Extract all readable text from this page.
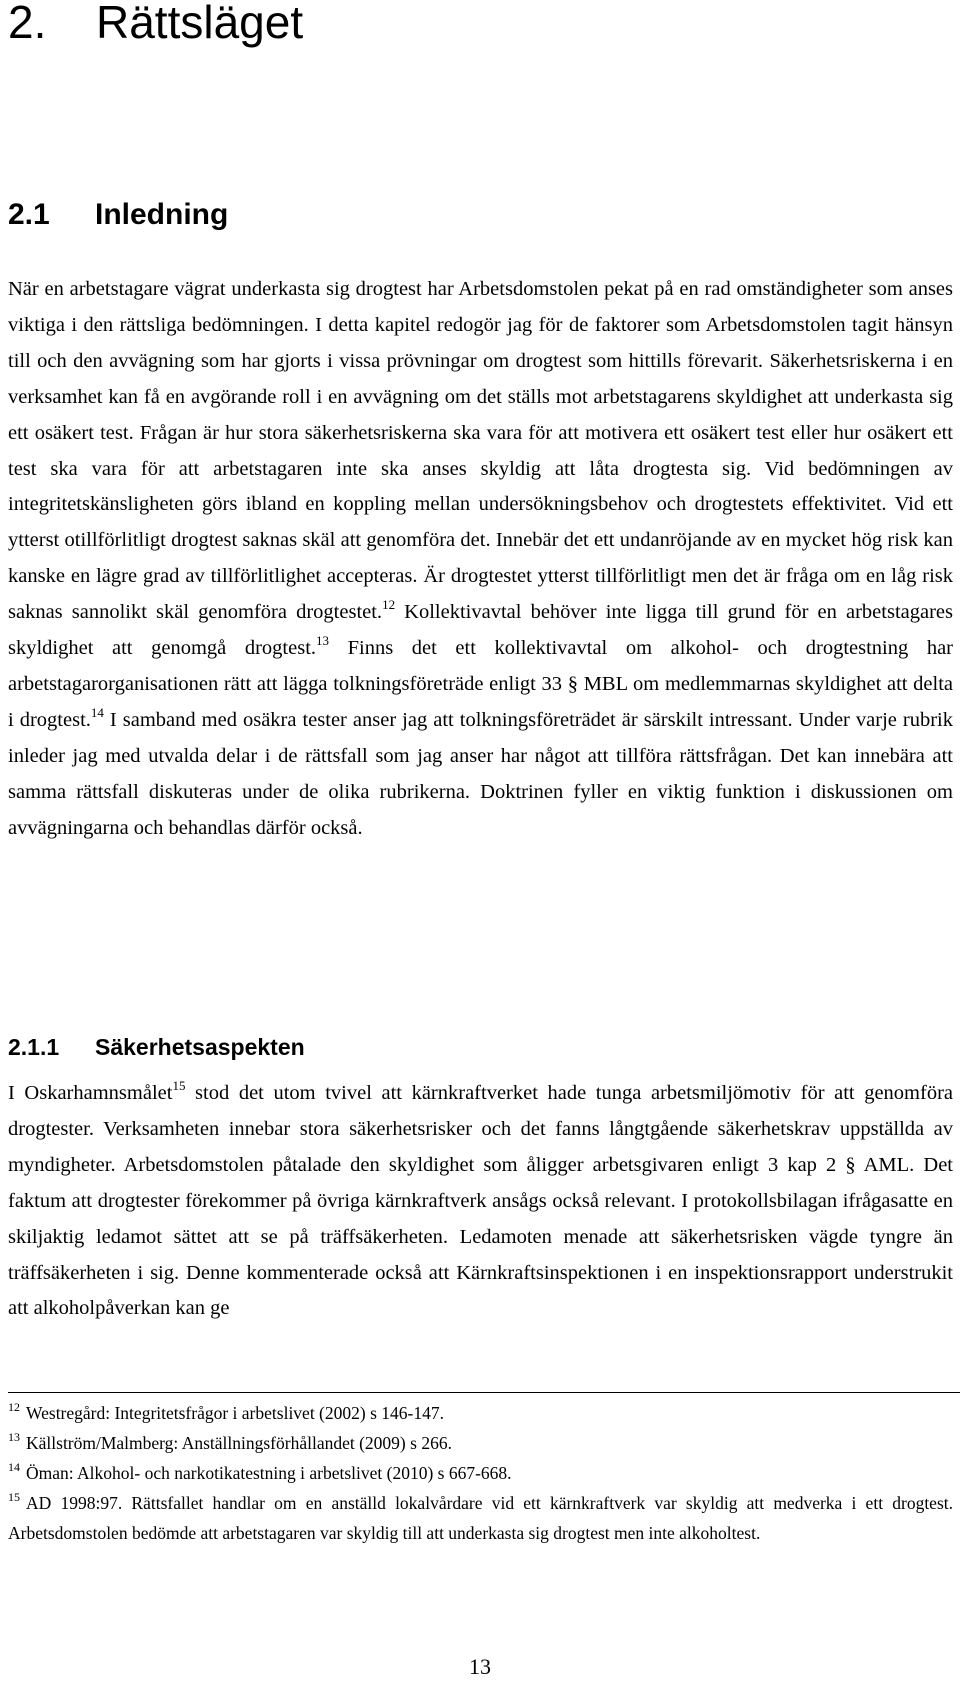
2. Rättsläget
2.1 Inledning

När en arbetstagare vägrat underkasta sig drogtest har Arbetsdomstolen pekat på en rad omständigheter som anses viktiga i den rättsliga bedömningen. I detta kapitel redogör jag för de faktorer som Arbetsdomstolen tagit hänsyn till och den avvägning som har gjorts i vissa prövningar om drogtest som hittills förevarit. Säkerhetsriskerna i en verksamhet kan få en avgörande roll i en avvägning om det ställs mot arbetstagarens skyldighet att underkasta sig ett osäkert test. Frågan är hur stora säkerhetsriskerna ska vara för att motivera ett osäkert test eller hur osäkert ett test ska vara för att arbetstagaren inte ska anses skyldig att låta drogtesta sig. Vid bedömningen av integritetskänsligheten görs ibland en koppling mellan undersökningsbehov och drogtestets effektivitet. Vid ett ytterst otillförlitligt drogtest saknas skäl att genomföra det. Innebär det ett undanröjande av en mycket hög risk kan kanske en lägre grad av tillförlitlighet accepteras. Är drogtestet ytterst tillförlitligt men det är fråga om en låg risk saknas sannolikt skäl genomföra drogtestet.$^{12}$ Kollektivavtal behöver inte ligga till grund för en arbetstagares skyldighet att genomgå drogtest.$^{13}$ Finns det ett kollektivavtal om alkohol- och drogtestning har arbetstagarorganisationen rätt att lägga tolkningsföreträde enligt 33 § MBL om medlemmarnas skyldighet att delta i drogtest.$^{14}$ I samband med osäkra tester anser jag att tolkningsföreträdet är särskilt intressant. Under varje rubrik inleder jag med utvalda delar i de rättsfall som jag anser har något att tillföra rättsfrågan. Det kan innebära att samma rättsfall diskuteras under de olika rubrikerna. Doktrinen fyller en viktig funktion i diskussionen om avvägningarna och behandlas därför också.

2.1.1 Säkerhetsaspekten

I Oskarhamnsmålet$^{15}$ stod det utom tvivel att kärnkraftverket hade tunga arbetsmiljömotiv för att genomföra drogtester. Verksamheten innebar stora säkerhetsrisker och det fanns långtgående säkerhetskrav uppställda av myndigheter. Arbetsdomstolen påtalade den skyldighet som åligger arbetsgivaren enligt 3 kap 2 § AML. Det faktum att drogtester förekommer på övriga kärnkraftverk ansågs också relevant. I protokollsbilagan ifrågasatte en skiljaktig ledamot sättet att se på träffsäkerheten. Ledamoten menade att säkerhetsrisken vägde tyngre än träffsäkerheten i sig. Denne kommenterade också att Kärnkraftsinspektionen i en inspektionsrapport understrukit att alkoholpåverkan kan ge

$^{12}$ Westregård: Integritetsfrågor i arbetslivet (2002) s 146-147.

$^{13}$ Källström/Malmberg: Anställningsförhållandet (2009) s 266.

$^{14}$ Öman: Alkohol- och narkotikatestning i arbetslivet (2010) s 667-668.

$^{15}$ AD 1998:97. Rättsfallet handlar om en anställd lokalvårdare vid ett kärnkraftverk var skyldig att medverka i ett drogtest. Arbetsdomstolen bedömde att arbetstagaren var skyldig till att underkasta sig drogtest men inte alkoholtest.

13
